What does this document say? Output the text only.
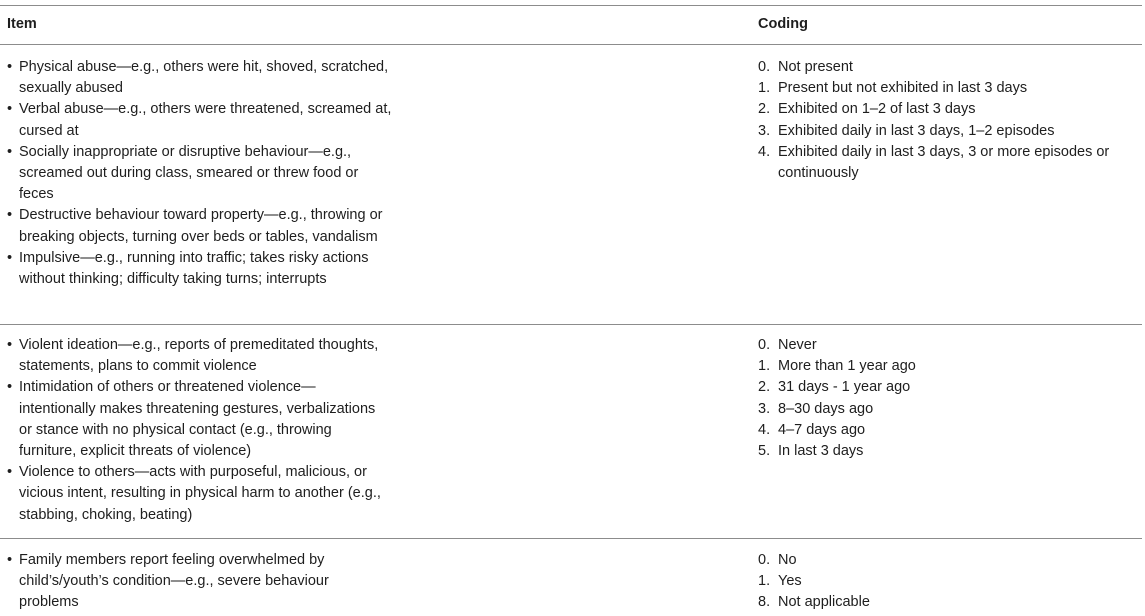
Item	Coding
• Physical abuse—e.g., others were hit, shoved, scratched, sexually abused
• Verbal abuse—e.g., others were threatened, screamed at, cursed at
• Socially inappropriate or disruptive behaviour—e.g., screamed out during class, smeared or threw food or feces
• Destructive behaviour toward property—e.g., throwing or breaking objects, turning over beds or tables, vandalism
• Impulsive—e.g., running into traffic; takes risky actions without thinking; difficulty taking turns; interrupts
0. Not present
1. Present but not exhibited in last 3 days
2. Exhibited on 1–2 of last 3 days
3. Exhibited daily in last 3 days, 1–2 episodes
4. Exhibited daily in last 3 days, 3 or more episodes or continuously
• Violent ideation—e.g., reports of premeditated thoughts, statements, plans to commit violence
• Intimidation of others or threatened violence—intentionally makes threatening gestures, verbalizations or stance with no physical contact (e.g., throwing furniture, explicit threats of violence)
• Violence to others—acts with purposeful, malicious, or vicious intent, resulting in physical harm to another (e.g., stabbing, choking, beating)
0. Never
1. More than 1 year ago
2. 31 days - 1 year ago
3. 8–30 days ago
4. 4–7 days ago
5. In last 3 days
• Family members report feeling overwhelmed by child’s/youth’s condition—e.g., severe behaviour problems
0. No
1. Yes
8. Not applicable
